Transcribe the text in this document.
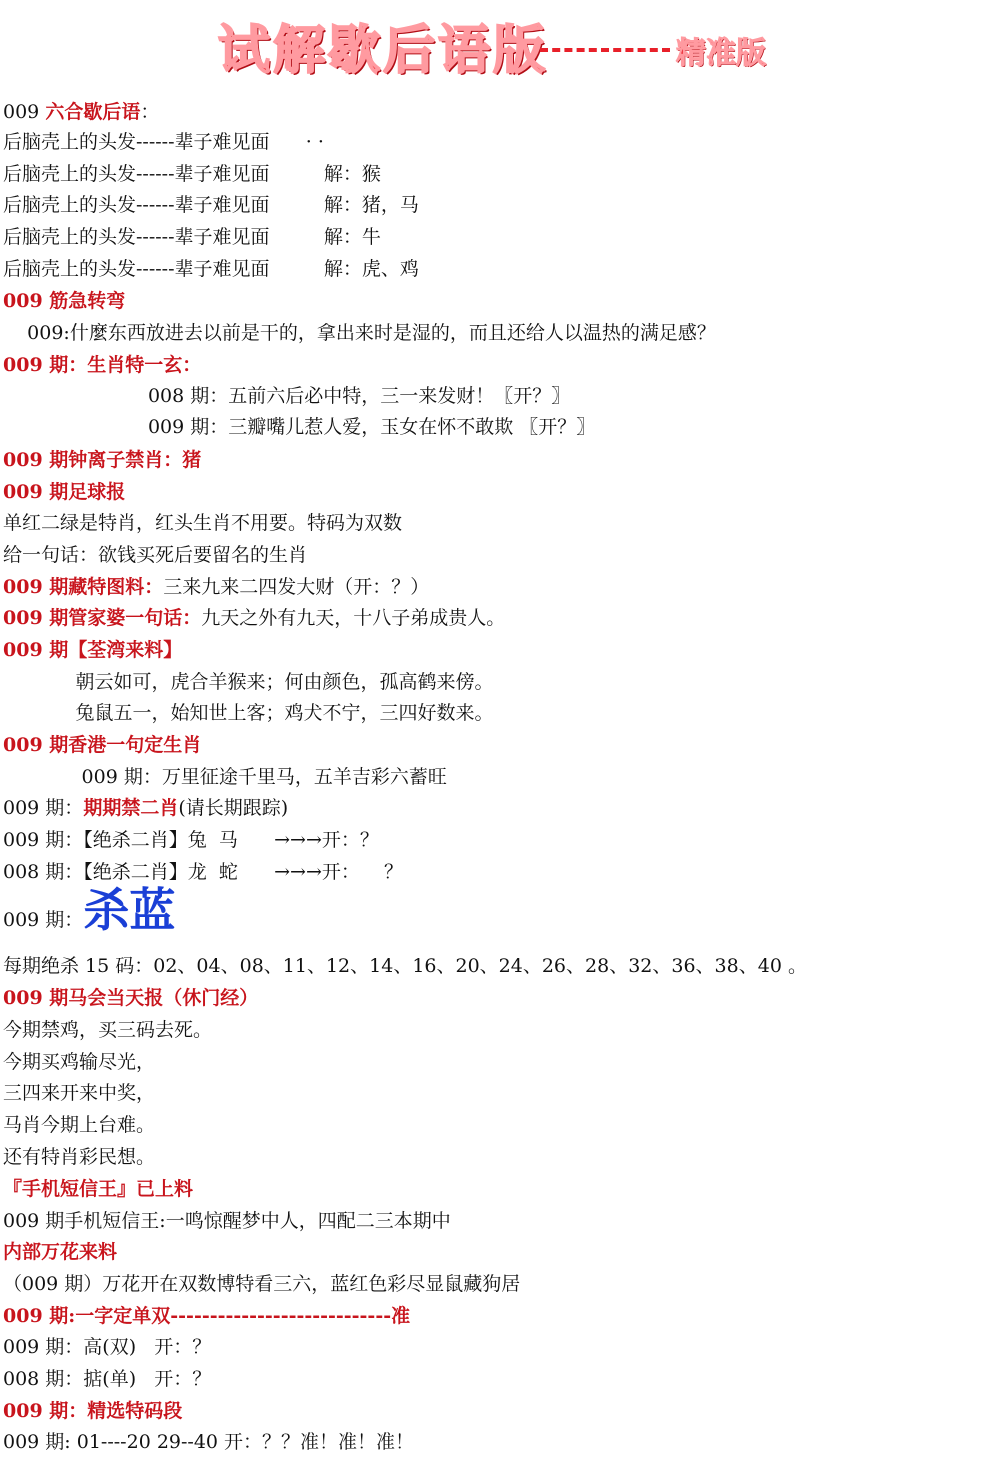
试解歇后语版	精准版
009 六合歇后语：
后脑壳上的头发------辈子难见面      · ·
后脑壳上的头发------辈子难见面         解：猴
后脑壳上的头发------辈子难见面         解：猪，马
后脑壳上的头发------辈子难见面         解：牛
后脑壳上的头发------辈子难见面         解：虎、鸡
009 筋急转弯
009:什麼东西放进去以前是干的，拿出来时是湿的，而且还给人以温热的满足感？
009 期：生肖特一玄：
008 期：五前六后必中特，三一来发财！〖开？〗
009 期：三瓣嘴儿惹人爱，玉女在怀不敢欺 〖开？〗
009 期钟离子禁肖：猪
009 期足球报
单红二绿是特肖，红头生肖不用要。特码为双数
给一句话：欲钱买死后要留名的生肖
009 期藏特图料：三来九来二四发大财（开：？）
009 期管家婆一句话：九天之外有九天，十八子弟成贵人。
009 期【荃湾来料】
朝云如可，虎合羊猴来；何由颜色，孤高鹤来傍。
兔鼠五一，始知世上客；鸡犬不宁，三四好数来。
009 期香港一句定生肖
009 期：万里征途千里马，五羊吉彩六蓄旺
009 期：期期禁二肖(请长期跟踪)
009 期：【绝杀二肖】兔  马      →→→开：？
008 期：【绝杀二肖】龙  蛇      →→→开：    ？
009 期：杀蓝
每期绝杀 15 码：02、04、08、11、12、14、16、20、24、26、28、32、36、38、40 。
009 期马会当天报（休门经）
今期禁鸡，买三码去死。
今期买鸡输尽光，
三四来开来中奖，
马肖今期上台难。
还有特肖彩民想。
『手机短信王』已上料
009 期手机短信王:一鸣惊醒梦中人，四配二三本期中
内部万花来料
（009 期）万花开在双数博特看三六，蓝红色彩尽显鼠藏狗居
009 期:一字定单双----------------------------准
009 期：高(双)   开：？
008 期：掂(单)   开：？
009 期：精选特码段
009 期: 01----20 29--40 开：？？准！准！准！
